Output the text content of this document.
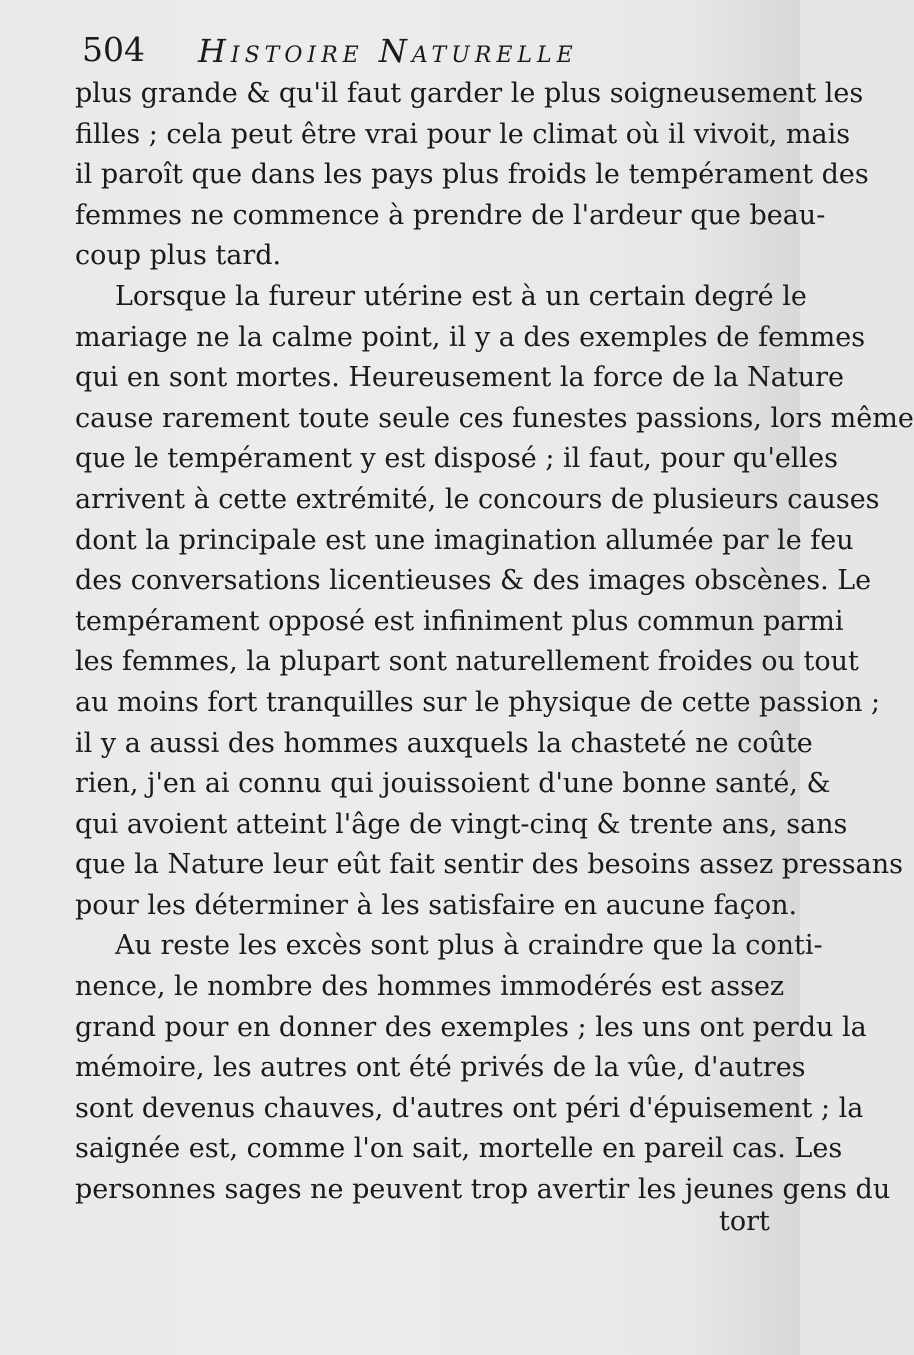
504 Histoire Naturelle
plus grande & qu'il faut garder le plus soigneusement les
filles ; cela peut être vrai pour le climat où il vivoit, mais
il paroît que dans les pays plus froids le tempérament des
femmes ne commence à prendre de l'ardeur que beau-
coup plus tard.
Lorsque la fureur utérine est à un certain degré le
mariage ne la calme point, il y a des exemples de femmes
qui en sont mortes. Heureusement la force de la Nature
cause rarement toute seule ces funestes passions, lors même
que le tempérament y est disposé ; il faut, pour qu'elles
arrivent à cette extrémité, le concours de plusieurs causes
dont la principale est une imagination allumée par le feu
des conversations licentieuses & des images obscènes. Le
tempérament opposé est infiniment plus commun parmi
les femmes, la plupart sont naturellement froides ou tout
au moins fort tranquilles sur le physique de cette passion ;
il y a aussi des hommes auxquels la chasteté ne coûte
rien, j'en ai connu qui jouissoient d'une bonne santé, &
qui avoient atteint l'âge de vingt-cinq & trente ans, sans
que la Nature leur eût fait sentir des besoins assez pressans
pour les déterminer à les satisfaire en aucune façon.
Au reste les excès sont plus à craindre que la conti-
nence, le nombre des hommes immodérés est assez
grand pour en donner des exemples ; les uns ont perdu la
mémoire, les autres ont été privés de la vûe, d'autres
sont devenus chauves, d'autres ont péri d'épuisement ; la
saignée est, comme l'on sait, mortelle en pareil cas. Les
personnes sages ne peuvent trop avertir les jeunes gens du
tort
